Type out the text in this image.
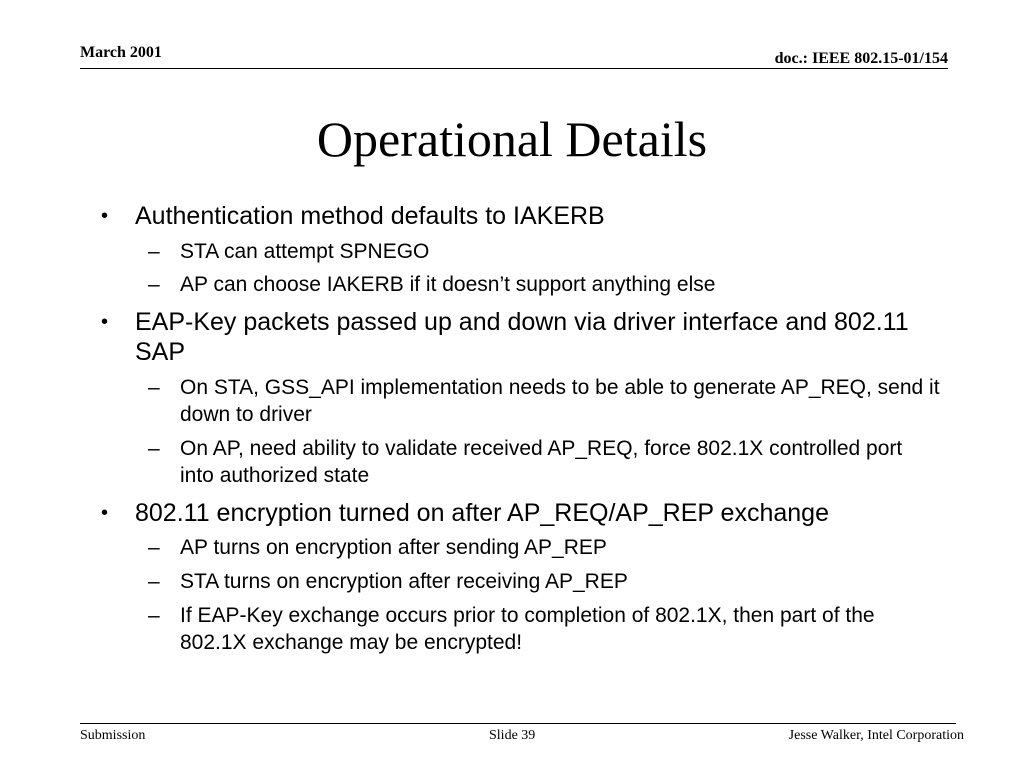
March 2001	doc.: IEEE 802.15-01/154
Operational Details
• Authentication method defaults to IAKERB
– STA can attempt SPNEGO
– AP can choose IAKERB if it doesn’t support anything else
• EAP-Key packets passed up and down via driver interface and 802.11 SAP
– On STA, GSS_API implementation needs to be able to generate AP_REQ, send it down to driver
– On AP, need ability to validate received AP_REQ, force 802.1X controlled port into authorized state
• 802.11 encryption turned on after AP_REQ/AP_REP exchange
– AP turns on encryption after sending AP_REP
– STA turns on encryption after receiving AP_REP
– If EAP-Key exchange occurs prior to completion of 802.1X, then part of the 802.1X exchange may be encrypted!
Submission	Slide 39	Jesse Walker, Intel Corporation
